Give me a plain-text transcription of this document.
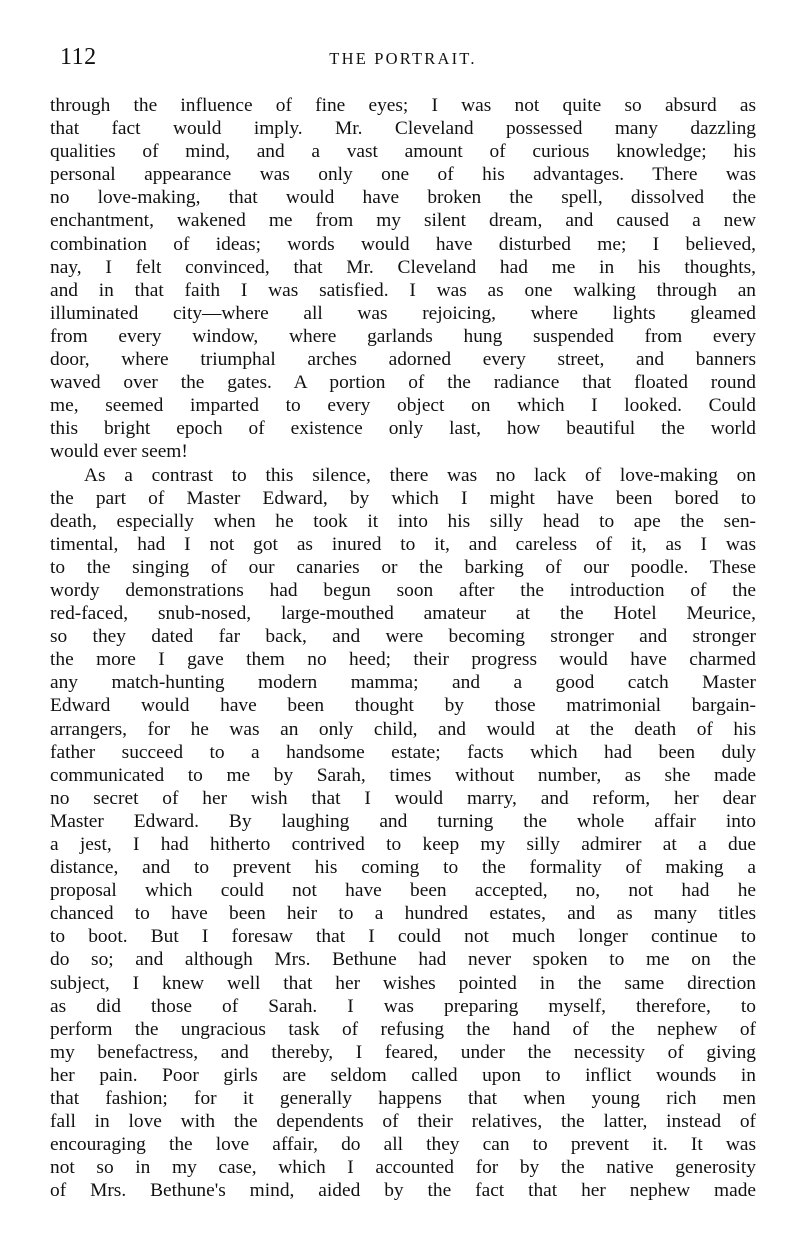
112	THE PORTRAIT.
through the influence of fine eyes; I was not quite so absurd as
that fact would imply. Mr. Cleveland possessed many dazzling
qualities of mind, and a vast amount of curious knowledge; his
personal appearance was only one of his advantages. There was
no love-making, that would have broken the spell, dissolved the
enchantment, wakened me from my silent dream, and caused a new
combination of ideas; words would have disturbed me; I believed,
nay, I felt convinced, that Mr. Cleveland had me in his thoughts,
and in that faith I was satisfied. I was as one walking through an
illuminated city—where all was rejoicing, where lights gleamed
from every window, where garlands hung suspended from every
door, where triumphal arches adorned every street, and banners
waved over the gates. A portion of the radiance that floated round
me, seemed imparted to every object on which I looked. Could
this bright epoch of existence only last, how beautiful the world
would ever seem!
As a contrast to this silence, there was no lack of love-making on
the part of Master Edward, by which I might have been bored to
death, especially when he took it into his silly head to ape the sen-
timental, had I not got as inured to it, and careless of it, as I was
to the singing of our canaries or the barking of our poodle. These
wordy demonstrations had begun soon after the introduction of the
red-faced, snub-nosed, large-mouthed amateur at the Hotel Meurice,
so they dated far back, and were becoming stronger and stronger
the more I gave them no heed; their progress would have charmed
any match-hunting modern mamma; and a good catch Master
Edward would have been thought by those matrimonial bargain-
arrangers, for he was an only child, and would at the death of his
father succeed to a handsome estate; facts which had been duly
communicated to me by Sarah, times without number, as she made
no secret of her wish that I would marry, and reform, her dear
Master Edward. By laughing and turning the whole affair into
a jest, I had hitherto contrived to keep my silly admirer at a due
distance, and to prevent his coming to the formality of making a
proposal which could not have been accepted, no, not had he
chanced to have been heir to a hundred estates, and as many titles
to boot. But I foresaw that I could not much longer continue to
do so; and although Mrs. Bethune had never spoken to me on the
subject, I knew well that her wishes pointed in the same direction
as did those of Sarah. I was preparing myself, therefore, to
perform the ungracious task of refusing the hand of the nephew of
my benefactress, and thereby, I feared, under the necessity of giving
her pain. Poor girls are seldom called upon to inflict wounds in
that fashion; for it generally happens that when young rich men
fall in love with the dependents of their relatives, the latter, instead of
encouraging the love affair, do all they can to prevent it. It was
not so in my case, which I accounted for by the native generosity
of Mrs. Bethune's mind, aided by the fact that her nephew made
